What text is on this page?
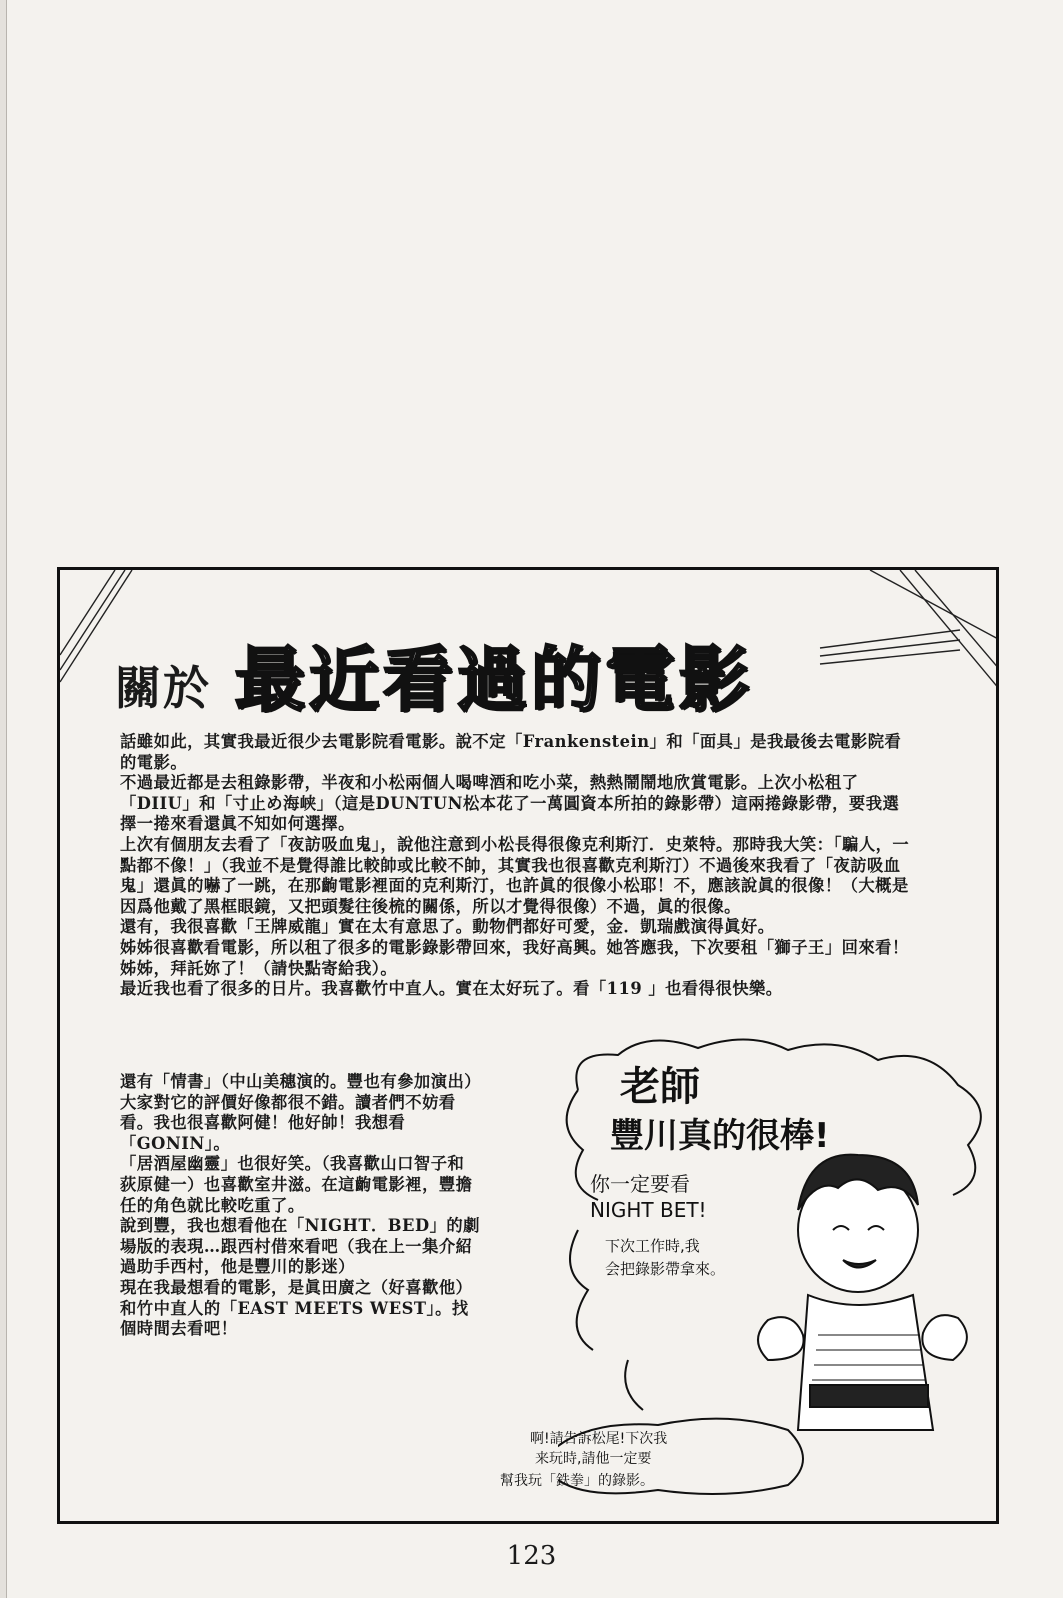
關於 最近看過的電影

話雖如此，其實我最近很少去電影院看電影。說不定「Frankenstein」和「面具」是我最後去電影院看的電影。

不過最近都是去租錄影帶，半夜和小松兩個人喝啤酒和吃小菜，熱熱鬧鬧地欣賞電影。上次小松租了「DIIU」和「寸止め海峡」（這是DUNTUN松本花了一萬圓資本所拍的錄影帶）這兩捲錄影帶，要我選擇一捲來看還眞不知如何選擇。

上次有個朋友去看了「夜訪吸血鬼」，說他注意到小松長得很像克利斯汀．史萊特。那時我大笑：「騙人，一點都不像！」（我並不是覺得誰比較帥或比較不帥，其實我也很喜歡克利斯汀）不過後來我看了「夜訪吸血鬼」還眞的嚇了一跳，在那齣電影裡面的克利斯汀，也許眞的很像小松耶！不，應該說眞的很像！（大概是因爲他戴了黑框眼鏡，又把頭髮往後梳的關係，所以才覺得很像）不過，眞的很像。

還有，我很喜歡「王牌威龍」實在太有意思了。動物們都好可愛，金．凱瑞戲演得眞好。

姊姊很喜歡看電影，所以租了很多的電影錄影帶回來，我好高興。她答應我，下次要租「獅子王」回來看！姊姊，拜託妳了！（請快點寄給我）。

最近我也看了很多的日片。我喜歡竹中直人。實在太好玩了。看「119 」也看得很快樂。

還有「情書」（中山美穗演的。豐也有參加演出）大家對它的評價好像都很不錯。讀者們不妨看看。我也很喜歡阿健！他好帥！我想看「GONIN」。

「居酒屋幽靈」也很好笑。（我喜歡山口智子和荻原健一）也喜歡室井滋。在這齣電影裡，豐擔任的角色就比較吃重了。

說到豐，我也想看他在「NIGHT．BED」的劇場版的表現…跟西村借來看吧（我在上一集介紹過助手西村，他是豐川的影迷）

現在我最想看的電影，是眞田廣之（好喜歡他）和竹中直人的「EAST MEETS WEST」。找個時間去看吧！

老師
豐川真的很棒!
你一定要看
NIGHT BET!
下次工作時,我
会把錄影帶拿來。
啊!請告訴松尾!下次我
来玩時,請他一定要
幫我玩「鉄拳」的錄影。
123
